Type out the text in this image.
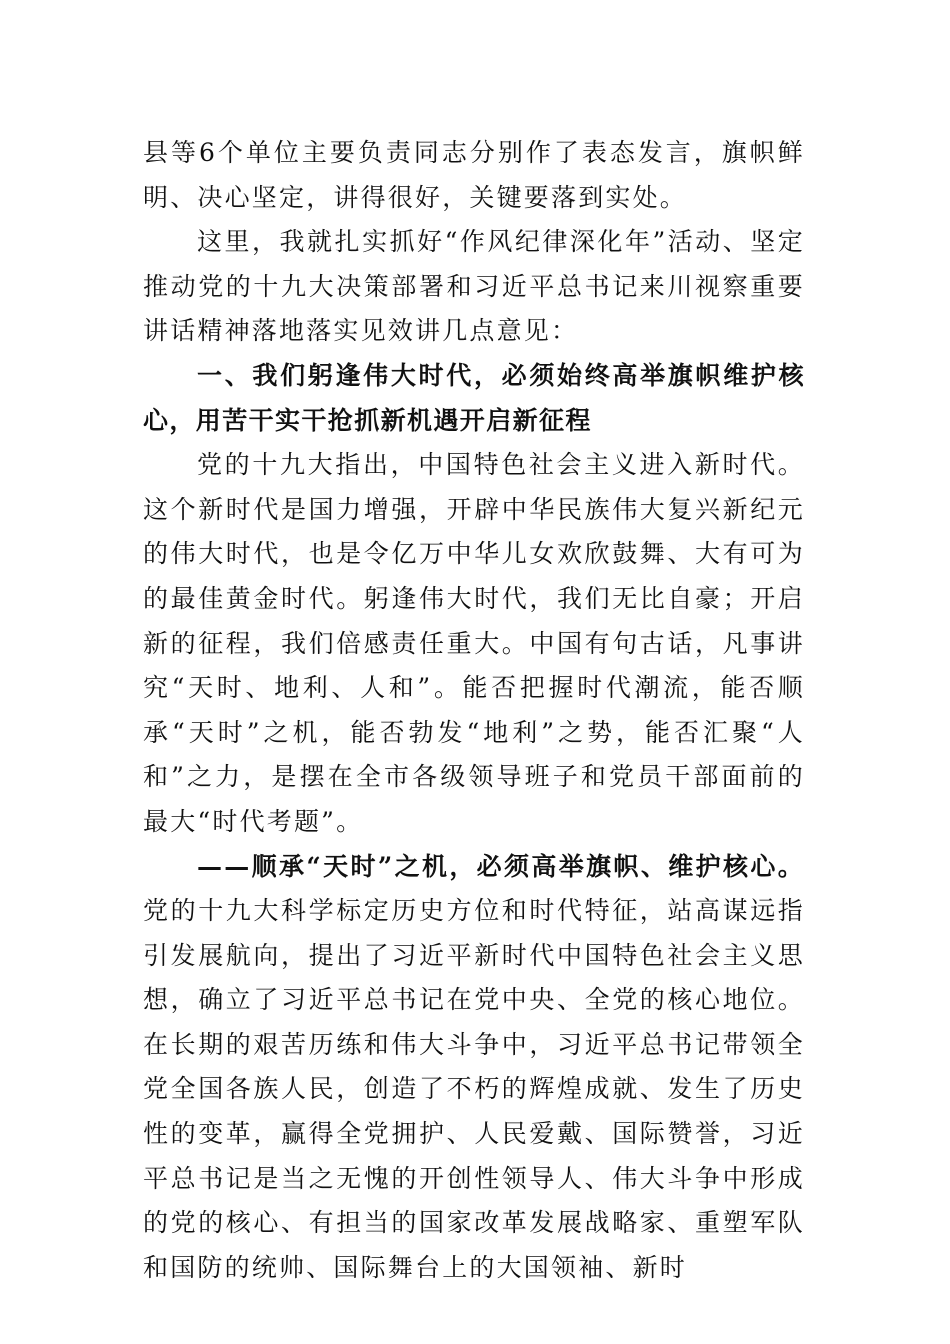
县等6个单位主要负责同志分别作了表态发言，旗帜鲜明、决心坚定，讲得很好，关键要落到实处。

这里，我就扎实抓好“作风纪律深化年”活动、坚定推动党的十九大决策部署和习近平总书记来川视察重要讲话精神落地落实见效讲几点意见：

一、我们躬逢伟大时代，必须始终高举旗帜维护核心，用苦干实干抢抓新机遇开启新征程

党的十九大指出，中国特色社会主义进入新时代。这个新时代是国力增强，开辟中华民族伟大复兴新纪元的伟大时代，也是令亿万中华儿女欢欣鼓舞、大有可为的最佳黄金时代。躬逢伟大时代，我们无比自豪；开启新的征程，我们倍感责任重大。中国有句古话，凡事讲究“天时、地利、人和”。能否把握时代潮流，能否顺承“天时”之机，能否勃发“地利”之势，能否汇聚“人和”之力，是摆在全市各级领导班子和党员干部面前的最大“时代考题”。

——顺承“天时”之机，必须高举旗帜、维护核心。党的十九大科学标定历史方位和时代特征，站高谋远指引发展航向，提出了习近平新时代中国特色社会主义思想，确立了习近平总书记在党中央、全党的核心地位。在长期的艰苦历练和伟大斗争中，习近平总书记带领全党全国各族人民，创造了不朽的辉煌成就、发生了历史性的变革，赢得全党拥护、人民爱戴、国际赞誉，习近平总书记是当之无愧的开创性领导人、伟大斗争中形成的党的核心、有担当的国家改革发展战略家、重塑军队和国防的统帅、国际舞台上的大国领袖、新时
